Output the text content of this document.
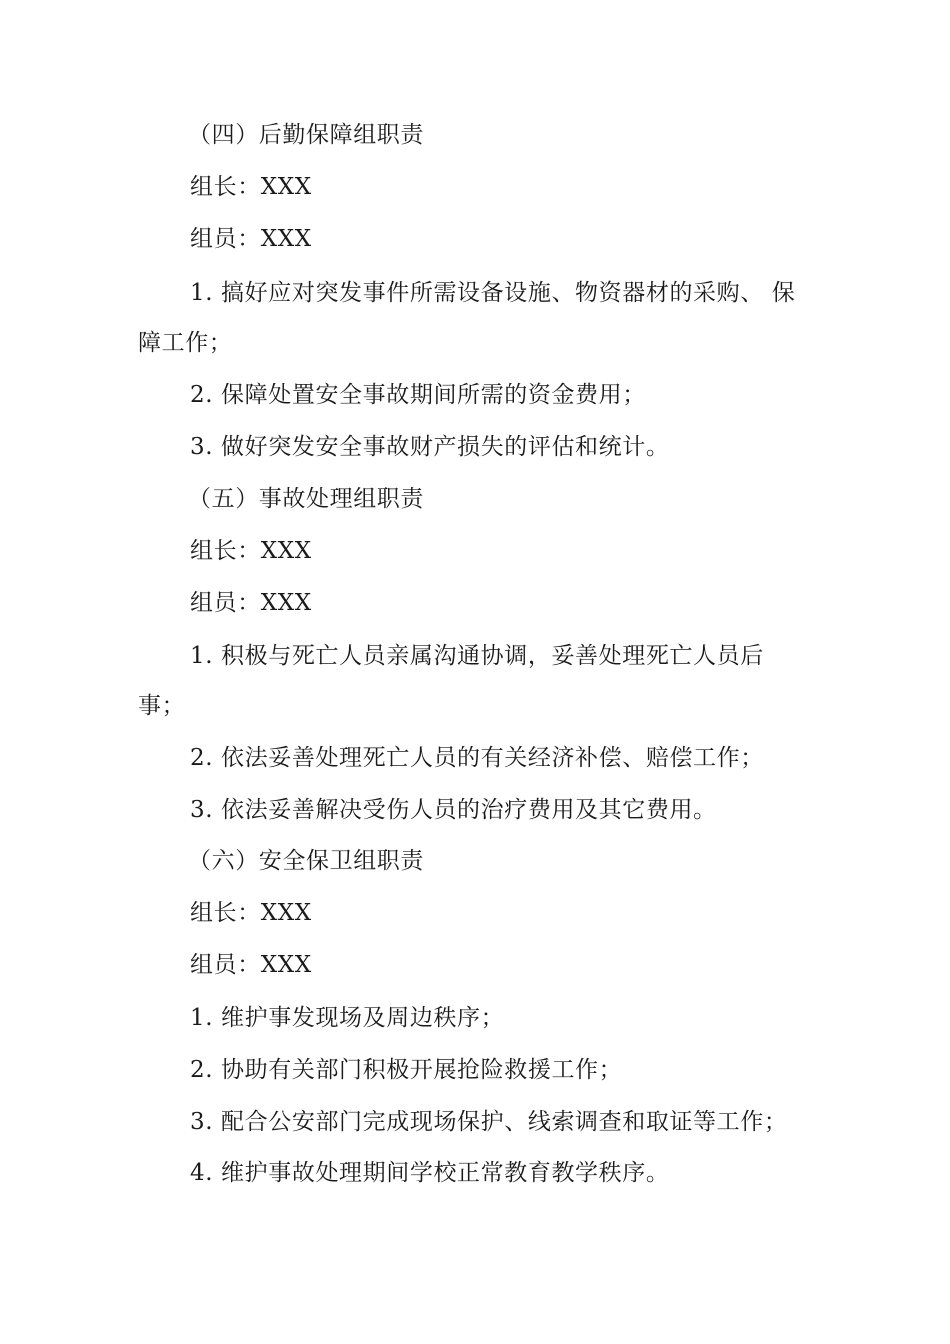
（四）后勤保障组职责
组长：XXX
组员：XXX
1. 搞好应对突发事件所需设备设施、物资器材的采购、 保
障工作；
2. 保障处置安全事故期间所需的资金费用；
3. 做好突发安全事故财产损失的评估和统计。
（五）事故处理组职责
组长：XXX
组员：XXX
1. 积极与死亡人员亲属沟通协调，妥善处理死亡人员后
事；
2. 依法妥善处理死亡人员的有关经济补偿、赔偿工作；
3. 依法妥善解决受伤人员的治疗费用及其它费用。
（六）安全保卫组职责
组长：XXX
组员：XXX
1. 维护事发现场及周边秩序；
2. 协助有关部门积极开展抢险救援工作；
3. 配合公安部门完成现场保护、线索调查和取证等工作；
4. 维护事故处理期间学校正常教育教学秩序。
